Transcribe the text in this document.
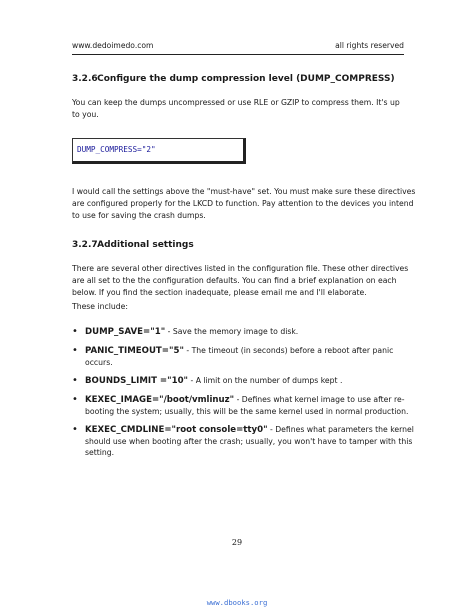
www.dedoimedo.com	all rights reserved
3.2.6 Configure the dump compression level (DUMP_COMPRESS)
You can keep the dumps uncompressed or use RLE or GZIP to compress them. It's up
to you.
DUMP_COMPRESS="2"
I would call the settings above the "must-have" set. You must make sure these directives
are configured properly for the LKCD to function. Pay attention to the devices you intend
to use for saving the crash dumps.
3.2.7 Additional settings
There are several other directives listed in the configuration file. These other directives
are all set to the the configuration defaults. You can find a brief explanation on each
below. If you find the section inadequate, please email me and I'll elaborate.
These include:
• DUMP_SAVE="1" - Save the memory image to disk.
• PANIC_TIMEOUT="5" - The timeout (in seconds) before a reboot after panic
occurs.
• BOUNDS_LIMIT ="10" - A limit on the number of dumps kept .
• KEXEC_IMAGE="/boot/vmlinuz" - Defines what kernel image to use after re-
booting the system; usually, this will be the same kernel used in normal production.
• KEXEC_CMDLINE="root console=tty0" - Defines what parameters the kernel
should use when booting after the crash; usually, you won't have to tamper with this
setting.
29
www.dbooks.org
